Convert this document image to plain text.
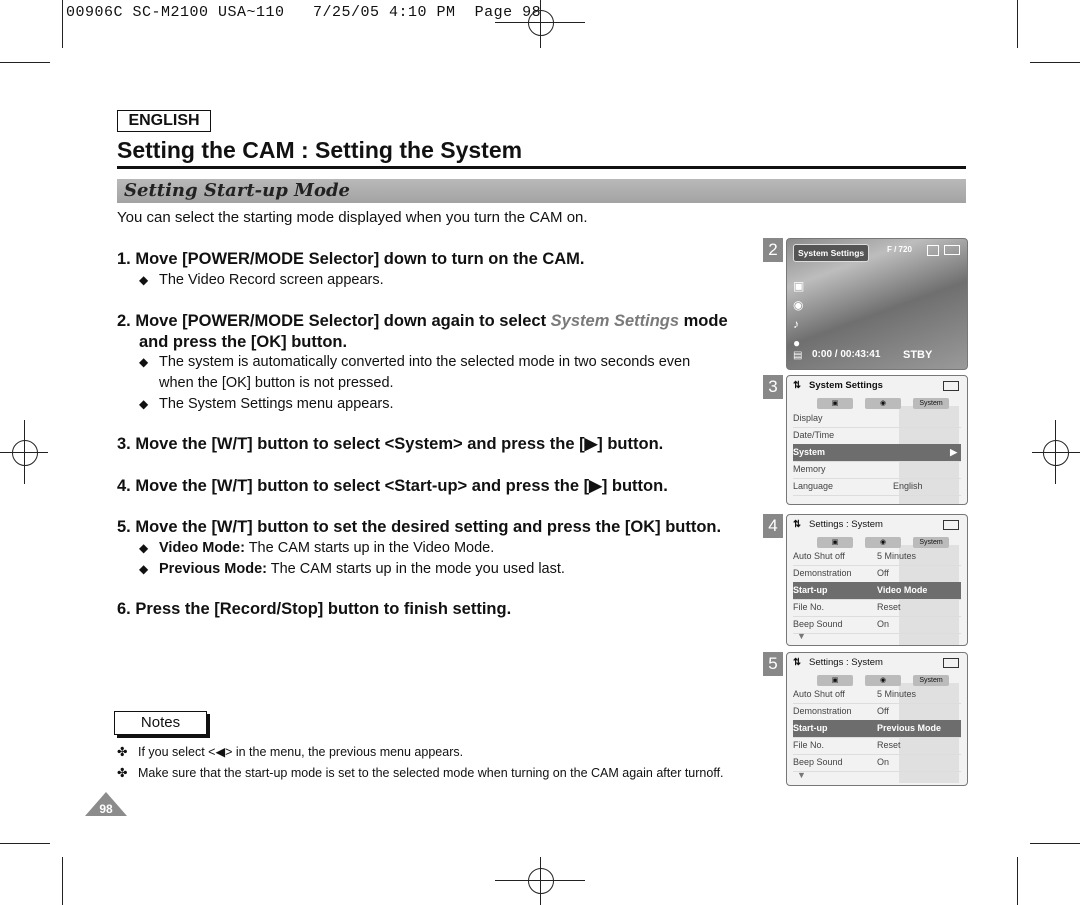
00906C SC-M2100 USA~110   7/25/05 4:10 PM  Page 98
ENGLISH
Setting the CAM : Setting the System
Setting Start-up Mode
You can select the starting mode displayed when you turn the CAM on.
1. Move [POWER/MODE Selector] down to turn on the CAM.
◆ The Video Record screen appears.
2. Move [POWER/MODE Selector] down again to select System Settings mode
and press the [OK] button.
◆ The system is automatically converted into the selected mode in two seconds even
when the [OK] button is not pressed.
◆ The System Settings menu appears.
3. Move the [W/T] button to select <System> and press the [▶] button.
4. Move the [W/T] button to select <Start-up> and press the [▶] button.
5. Move the [W/T] button to set the desired setting and press the [OK] button.
◆ Video Mode: The CAM starts up in the Video Mode.
◆ Previous Mode: The CAM starts up in the mode you used last.
6. Press the [Record/Stop] button to finish setting.
Notes
✤ If you select <◀> in the menu, the previous menu appears.
✤ Make sure that the start-up mode is set to the selected mode when turning on the CAM again after turnoff.
98
2	System Settings	F / 720
▣
◉
♪
●
▤ 0:00 / 00:43:41 STBY
3	⇅ System Settings
▣	◉	System
Display
Date/Time
System	▶
Memory
Language	English
4	⇅ Settings : System
▣	◉	System
Auto Shut off	5 Minutes
Demonstration	Off
Start-up	Video Mode
File No.	Reset
Beep Sound	On
▼
5	⇅ Settings : System
▣	◉	System
Auto Shut off	5 Minutes
Demonstration	Off
Start-up	Previous Mode
File No.	Reset
Beep Sound	On
▼
